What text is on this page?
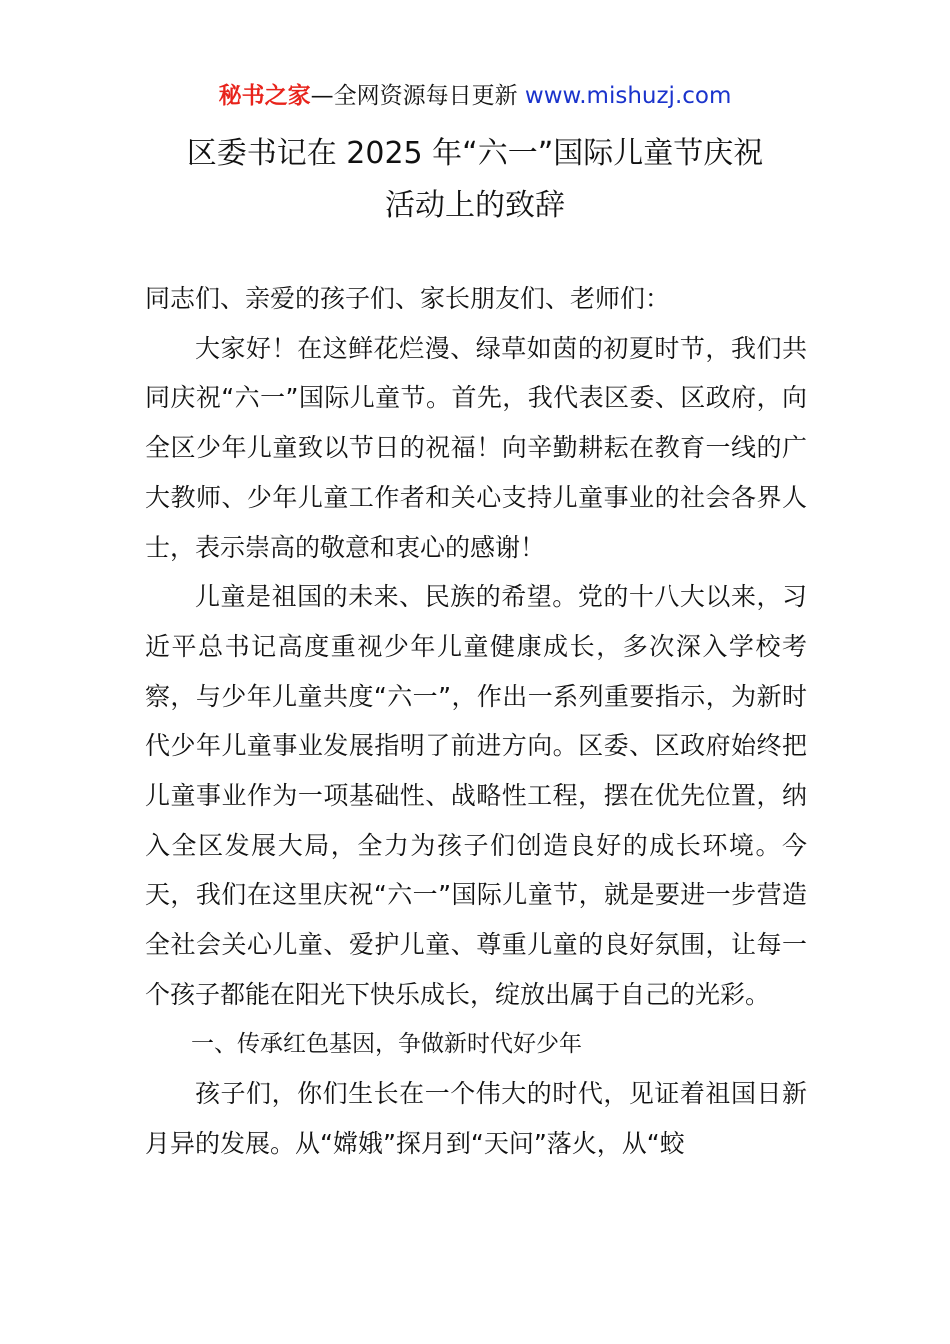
秘书之家—全网资源每日更新 www.mishuzj.com
区委书记在 2025 年“六一”国际儿童节庆祝
活动上的致辞

同志们、亲爱的孩子们、家长朋友们、老师们：

大家好！在这鲜花烂漫、绿草如茵的初夏时节，我们共同庆祝“六一”国际儿童节。首先，我代表区委、区政府，向全区少年儿童致以节日的祝福！向辛勤耕耘在教育一线的广大教师、少年儿童工作者和关心支持儿童事业的社会各界人士，表示崇高的敬意和衷心的感谢！

儿童是祖国的未来、民族的希望。党的十八大以来，习近平总书记高度重视少年儿童健康成长，多次深入学校考察，与少年儿童共度“六一”，作出一系列重要指示，为新时代少年儿童事业发展指明了前进方向。区委、区政府始终把儿童事业作为一项基础性、战略性工程，摆在优先位置，纳入全区发展大局，全力为孩子们创造良好的成长环境。今天，我们在这里庆祝“六一”国际儿童节，就是要进一步营造全社会关心儿童、爱护儿童、尊重儿童的良好氛围，让每一个孩子都能在阳光下快乐成长，绽放出属于自己的光彩。

一、传承红色基因，争做新时代好少年

孩子们，你们生长在一个伟大的时代，见证着祖国日新月异的发展。从“嫦娥”探月到“天问”落火，从“蛟
